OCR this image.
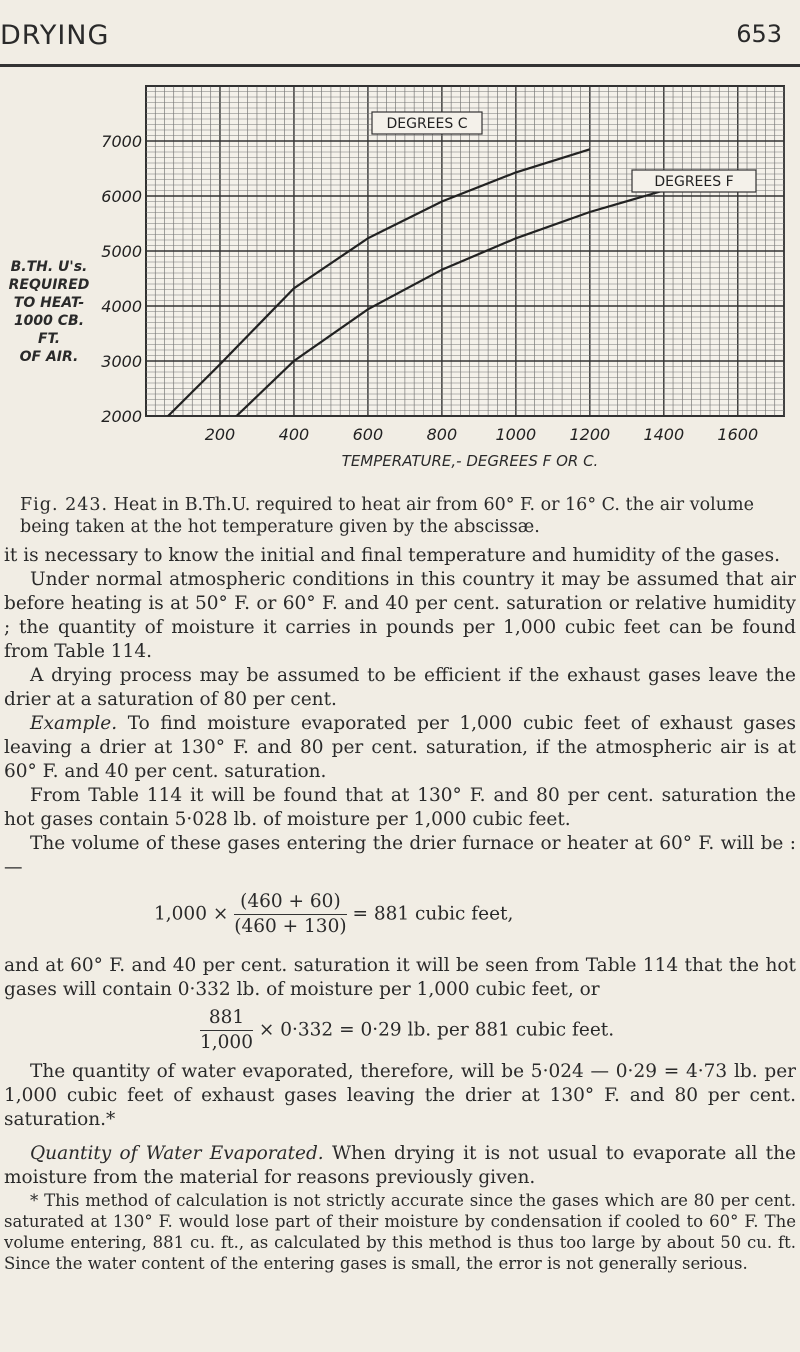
DRYING	653
B.TH. U's.
REQUIRED
TO HEAT-
1000 CB. FT.
OF AIR.
2000
3000
4000
5000
6000
7000
200	400	600	800 1000 1200 1400 1600
DEGREES C
DEGREES F
TEMPERATURE,- DEGREES F OR C.
Fig. 243. Heat in B.Th.U. required to heat air from 60° F. or 16° C. the air volume being taken at the hot temperature given by the abscissæ.

it is necessary to know the initial and final temperature and humidity of the gases.

Under normal atmospheric conditions in this country it may be assumed that air before heating is at 50° F. or 60° F. and 40 per cent. saturation or relative humidity ; the quantity of moisture it carries in pounds per 1,000 cubic feet can be found from Table 114.

A drying process may be assumed to be efficient if the exhaust gases leave the drier at a saturation of 80 per cent.

Example. To find moisture evaporated per 1,000 cubic feet of exhaust gases leaving a drier at 130° F. and 80 per cent. saturation, if the atmospheric air is at 60° F. and 40 per cent. saturation.

From Table 114 it will be found that at 130° F. and 80 per cent. saturation the hot gases contain 5·028 lb. of moisture per 1,000 cubic feet.

The volume of these gases entering the drier furnace or heater at 60° F. will be :—

$1,000 \times \frac{(460 + 60)}{(460 + 130)} = 881$ cubic feet,

and at 60° F. and 40 per cent. saturation it will be seen from Table 114 that the hot gases will contain 0·332 lb. of moisture per 1,000 cubic feet, or

$\frac{881}{1,000} \times 0\cdot 332 = 0\cdot 29$ lb. per 881 cubic feet.

The quantity of water evaporated, therefore, will be 5·024 — 0·29 = 4·73 lb. per 1,000 cubic feet of exhaust gases leaving the drier at 130° F. and 80 per cent. saturation.*

Quantity of Water Evaporated. When drying it is not usual to evaporate all the moisture from the material for reasons previously given.

* This method of calculation is not strictly accurate since the gases which are 80 per cent. saturated at 130° F. would lose part of their moisture by condensation if cooled to 60° F. The volume entering, 881 cu. ft., as calculated by this method is thus too large by about 50 cu. ft. Since the water content of the entering gases is small, the error is not generally serious.
